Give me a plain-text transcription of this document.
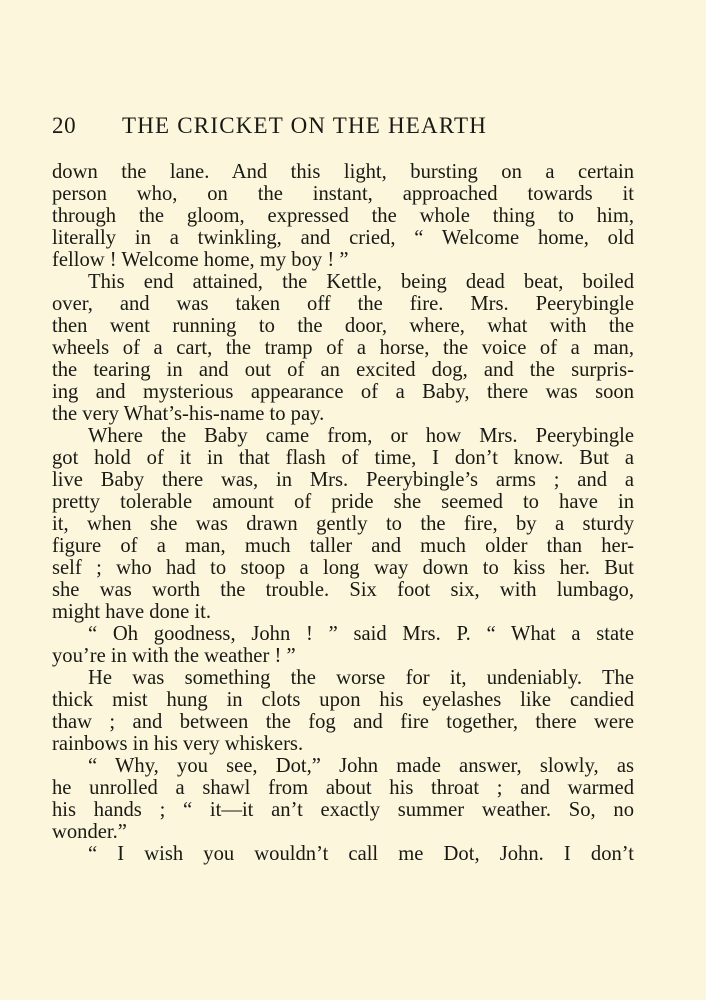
20 THE CRICKET ON THE HEARTH
down the lane. And this light, bursting on a certain
person who, on the instant, approached towards it
through the gloom, expressed the whole thing to him,
literally in a twinkling, and cried, “ Welcome home, old
fellow ! Welcome home, my boy ! ”
This end attained, the Kettle, being dead beat, boiled
over, and was taken off the fire. Mrs. Peerybingle
then went running to the door, where, what with the
wheels of a cart, the tramp of a horse, the voice of a man,
the tearing in and out of an excited dog, and the surpris-
ing and mysterious appearance of a Baby, there was soon
the very What’s-his-name to pay.
Where the Baby came from, or how Mrs. Peerybingle
got hold of it in that flash of time, I don’t know. But a
live Baby there was, in Mrs. Peerybingle’s arms ; and a
pretty tolerable amount of pride she seemed to have in
it, when she was drawn gently to the fire, by a sturdy
figure of a man, much taller and much older than her-
self ; who had to stoop a long way down to kiss her. But
she was worth the trouble. Six foot six, with lumbago,
might have done it.
“ Oh goodness, John ! ” said Mrs. P. “ What a state
you’re in with the weather ! ”
He was something the worse for it, undeniably. The
thick mist hung in clots upon his eyelashes like candied
thaw ; and between the fog and fire together, there were
rainbows in his very whiskers.
“ Why, you see, Dot,” John made answer, slowly, as
he unrolled a shawl from about his throat ; and warmed
his hands ; “ it—it an’t exactly summer weather. So, no
wonder.”
“ I wish you wouldn’t call me Dot, John. I don’t
